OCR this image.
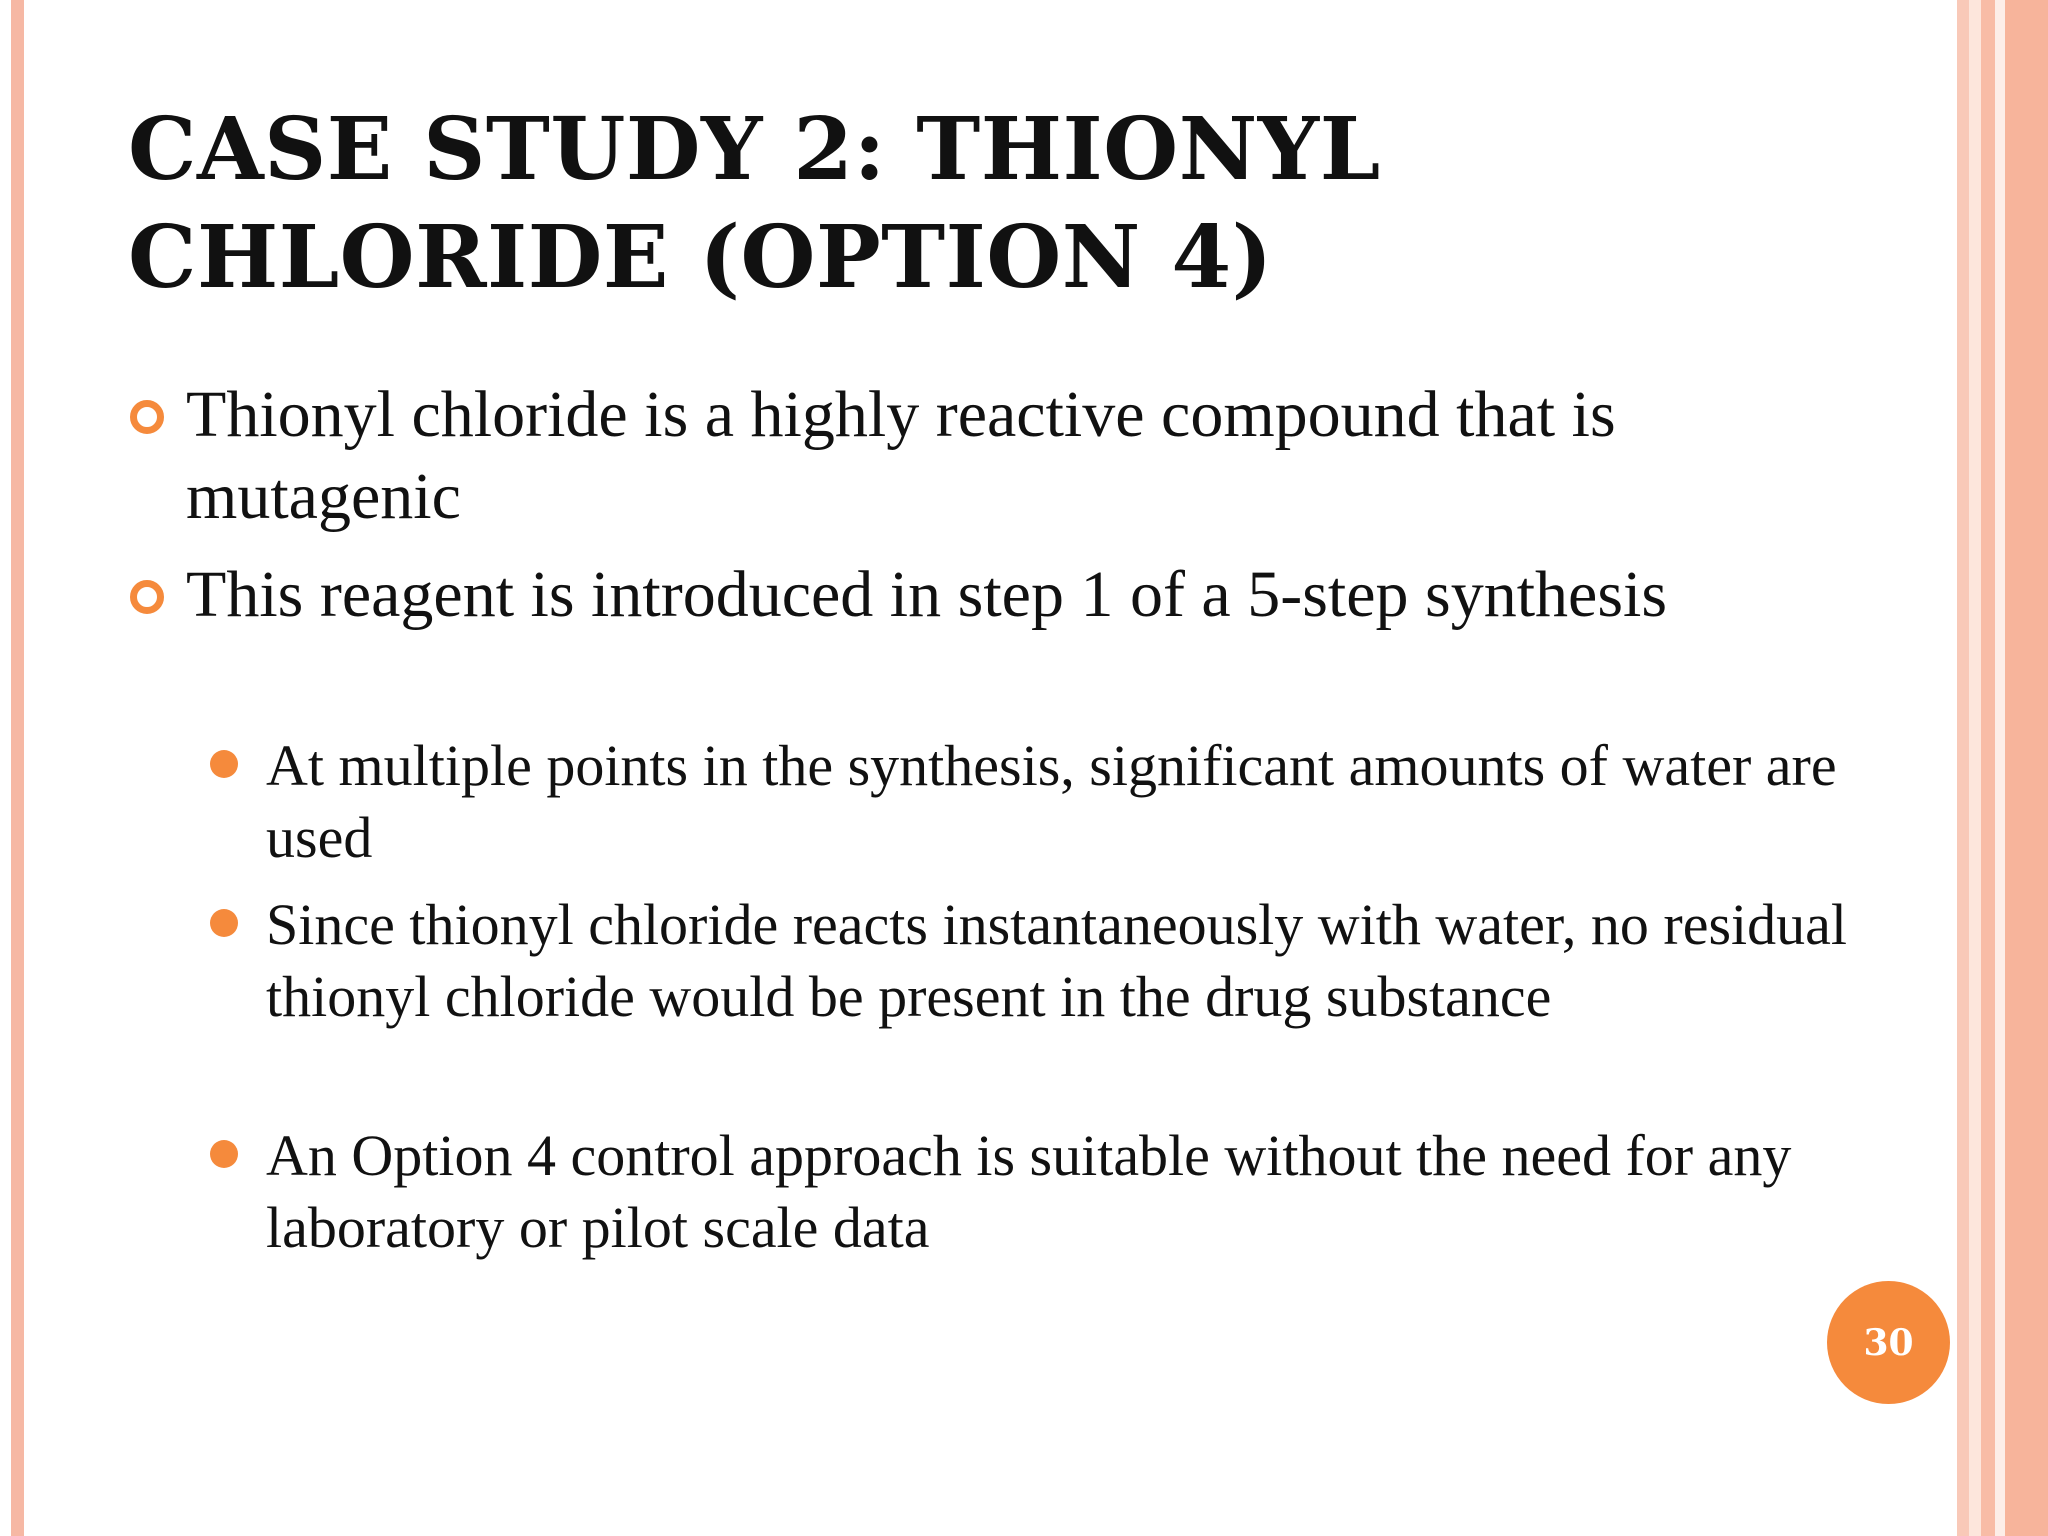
CASE STUDY 2: THIONYL CHLORIDE (OPTION 4)
Thionyl chloride is a highly reactive compound that is mutagenic
This reagent is introduced in step 1 of a 5-step synthesis
At multiple points in the synthesis, significant amounts of water are used
Since thionyl chloride reacts instantaneously with water, no residual thionyl chloride would be present in the drug substance
An Option 4 control approach is suitable without the need for any laboratory or pilot scale data
30
